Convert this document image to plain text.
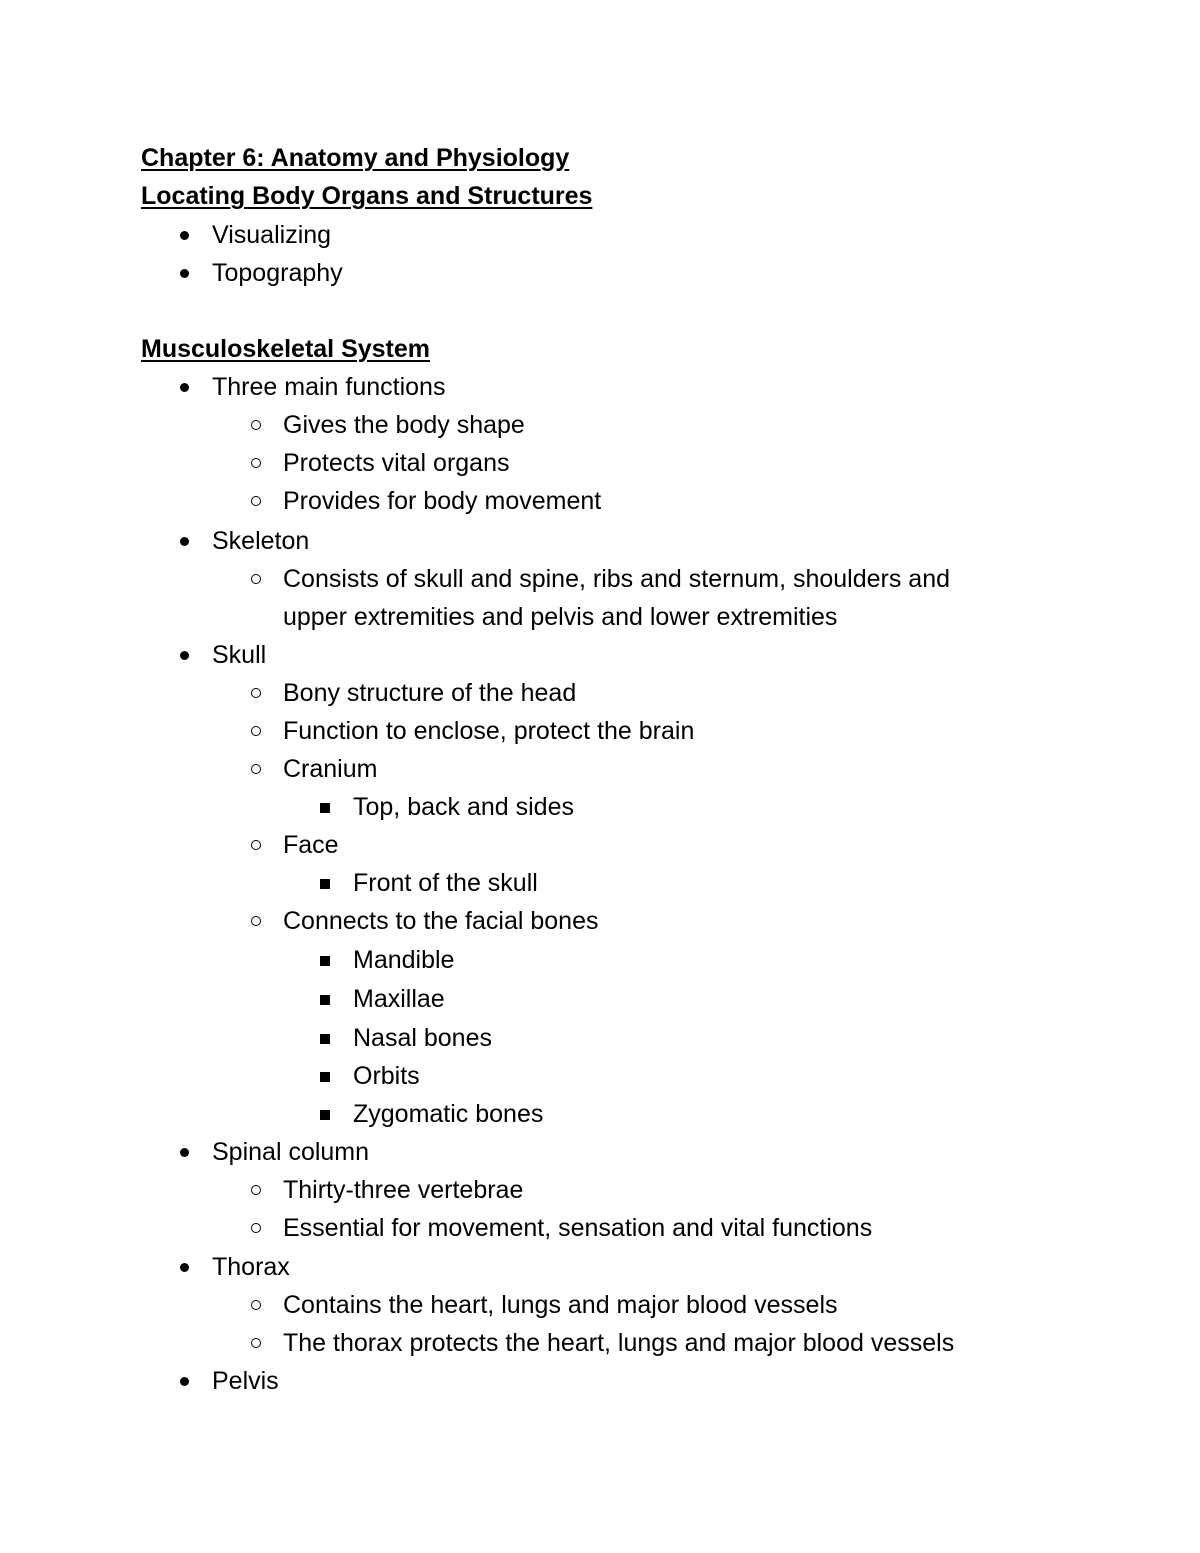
Chapter 6: Anatomy and Physiology
Locating Body Organs and Structures
Visualizing
Topography
Musculoskeletal System
Three main functions
Gives the body shape
Protects vital organs
Provides for body movement
Skeleton
Consists of skull and spine, ribs and sternum, shoulders and
upper extremities and pelvis and lower extremities
Skull
Bony structure of the head
Function to enclose, protect the brain
Cranium
Top, back and sides
Face
Front of the skull
Connects to the facial bones
Mandible
Maxillae
Nasal bones
Orbits
Zygomatic bones
Spinal column
Thirty-three vertebrae
Essential for movement, sensation and vital functions
Thorax
Contains the heart, lungs and major blood vessels
The thorax protects the heart, lungs and major blood vessels
Pelvis
